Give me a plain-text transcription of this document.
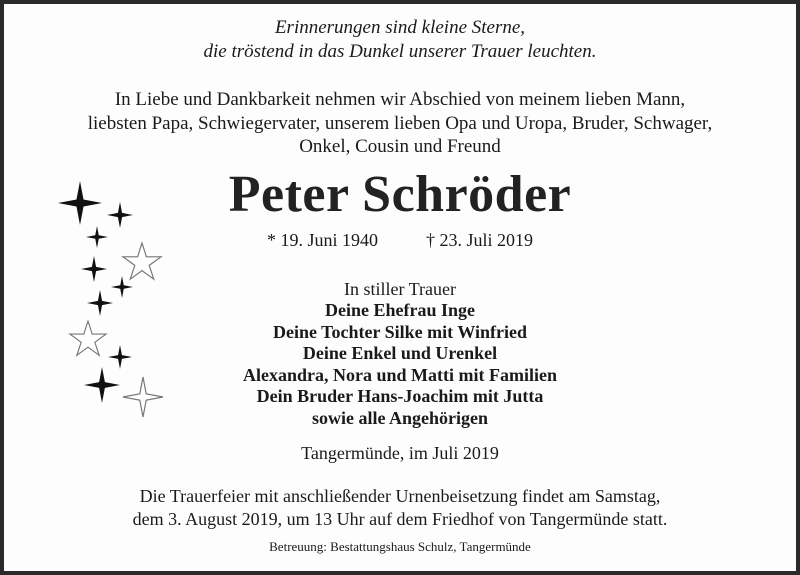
Erinnerungen sind kleine Sterne,
die tröstend in das Dunkel unserer Trauer leuchten.
In Liebe und Dankbarkeit nehmen wir Abschied von meinem lieben Mann,
liebsten Papa, Schwiegervater, unserem lieben Opa und Uropa, Bruder, Schwager,
Onkel, Cousin und Freund
Peter Schröder
* 19. Juni 1940	† 23. Juli 2019
In stiller Trauer
Deine Ehefrau Inge
Deine Tochter Silke mit Winfried
Deine Enkel und Urenkel
Alexandra, Nora und Matti mit Familien
Dein Bruder Hans-Joachim mit Jutta
sowie alle Angehörigen
Tangermünde, im Juli 2019
Die Trauerfeier mit anschließender Urnenbeisetzung findet am Samstag,
dem 3. August 2019, um 13 Uhr auf dem Friedhof von Tangermünde statt.
Betreuung: Bestattungshaus Schulz, Tangermünde
